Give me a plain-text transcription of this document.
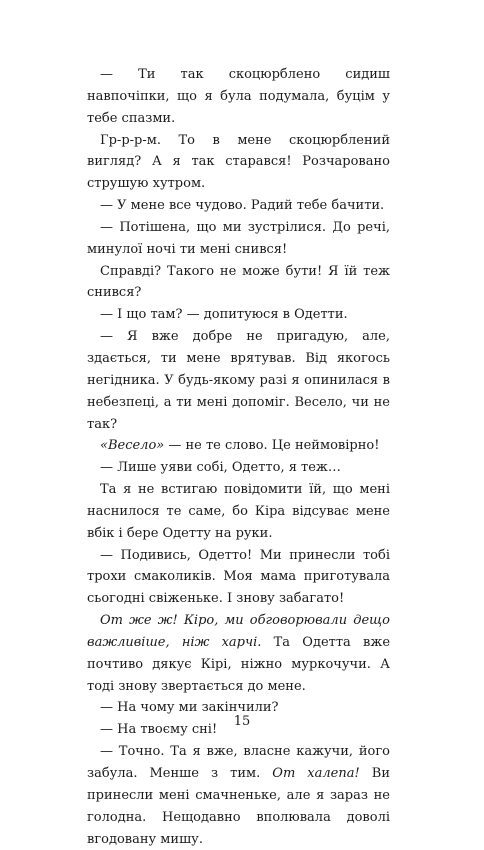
— Ти так скоцюрблено сидиш навпочіпки, що я була подумала, буцім у тебе спазми.

Гр-р-р-м. То в мене скоцюрблений вигляд? А я так старався! Розчаровано струшую хутром.

— У мене все чудово. Радий тебе бачити.

— Потішена, що ми зустрілися. До речі, минулої ночі ти мені снився!

Справді? Такого не може бути! Я їй теж снився?

— І що там? — допитуюся в Одетти.

— Я вже добре не пригадую, але, здається, ти мене врятував. Від якогось негідника. У будь-якому разі я опинилася в небезпеці, а ти мені допоміг. Весело, чи не так?

«Весело» — не те слово. Це неймовірно!

— Лише уяви собі, Одетто, я теж…

Та я не встигаю повідомити їй, що мені наснилося те саме, бо Кіра відсуває мене вбік і бере Одетту на руки.

— Подивись, Одетто! Ми принесли тобі трохи смаколиків. Моя мама приготувала сьогодні свіженьке. І знову забагато!

От же ж! Кіро, ми обговорювали дещо важливіше, ніж харчі. Та Одетта вже почтиво дякує Кірі, ніжно муркочучи. А тоді знову звертається до мене.

— На чому ми закінчили?

— На твоєму сні!

— Точно. Та я вже, власне кажучи, його забула. Менше з тим. От халепа! Ви принесли мені смачненьке, але я зараз не голодна. Нещодавно вполювала доволі вгодовану мишу.

15
